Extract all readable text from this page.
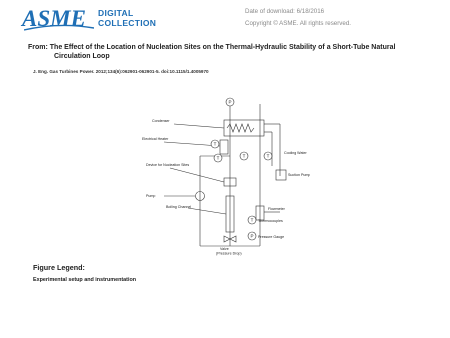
ASME DIGITAL
COLLECTION
Date of download: 6/18/2016
Copyright © ASME. All rights reserved.
From: The Effect of the Location of Nucleation Sites on the Thermal-Hydraulic Stability of a Short-Tube Natural
Circulation Loop
J. Eng. Gas Turbines Power. 2012;134(6):062901-062901-5. doi:10.1115/1.4005970
P
T
T
T
T
P
T
Condenser
Electrical Heater
Cooling Water
Suction Pump
Pump
Device for Nucleation Sites
Boiling Channel	Flowmeter
Thermocouples
Pressure Gauge
Valve
(Pressure Drop)
Figure Legend:
Experimental setup and instrumentation
